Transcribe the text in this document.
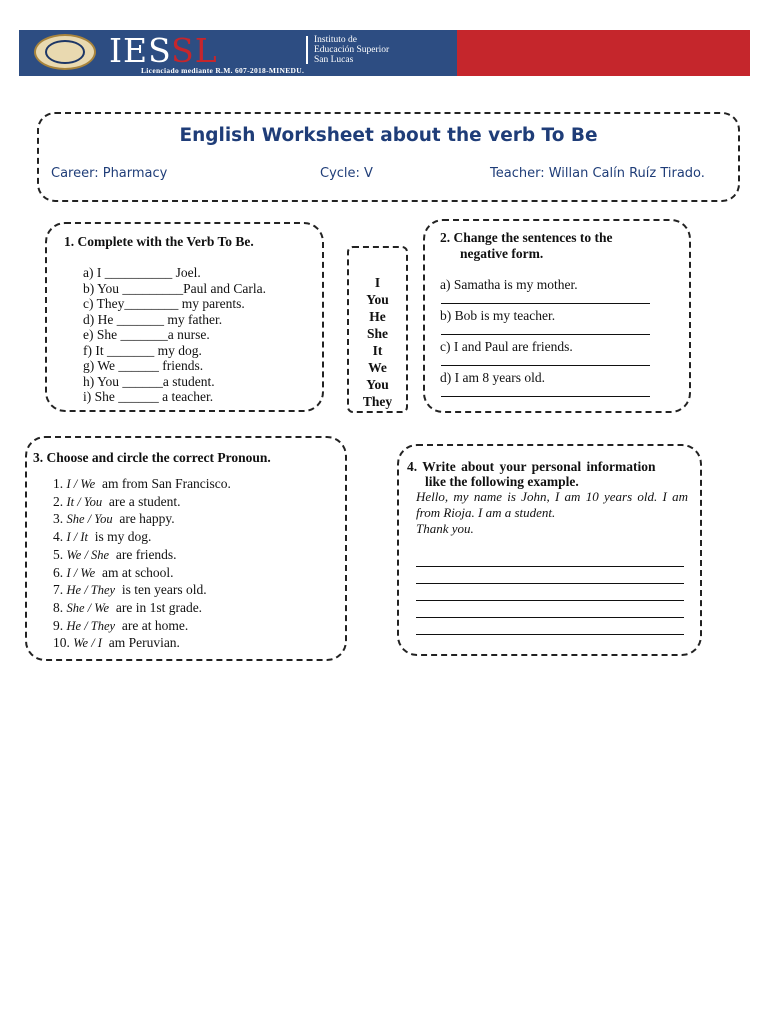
IESSL	Instituto de
Educación Superior
San Lucas
Licenciado mediante R.M. 607-2018-MINEDU.
English Worksheet about the verb To Be
Career: Pharmacy	Cycle: V	Teacher: Willan Calín Ruíz Tirado.
1. Complete with the Verb To Be.
a) I __________ Joel.
b) You _________Paul and Carla.
c) They________ my parents.
d) He _______ my father.
e) She _______a nurse.
f) It _______ my dog.
g) We ______ friends.
h) You ______a student.
i) She ______ a teacher.
I
You
He
She
It
We
You
They
2. Change the sentences to the
negative form.
a) Samatha is my mother.
b) Bob is my teacher.
c) I and Paul are friends.
d) I am 8 years old.
3. Choose and circle the correct Pronoun.
1. I / We am from San Francisco.
2. It / You are a student.
3. She / You are happy.
4. I / It is my dog.
5. We / She are friends.
6. I / We am at school.
7. He / They is ten years old.
8. She / We are in 1st grade.
9. He / They are at home.
10. We / I am Peruvian.
4. Write about your personal information
like the following example.
Hello, my name is John, I am 10 years old. I am from Rioja. I am a student.
Thank you.
